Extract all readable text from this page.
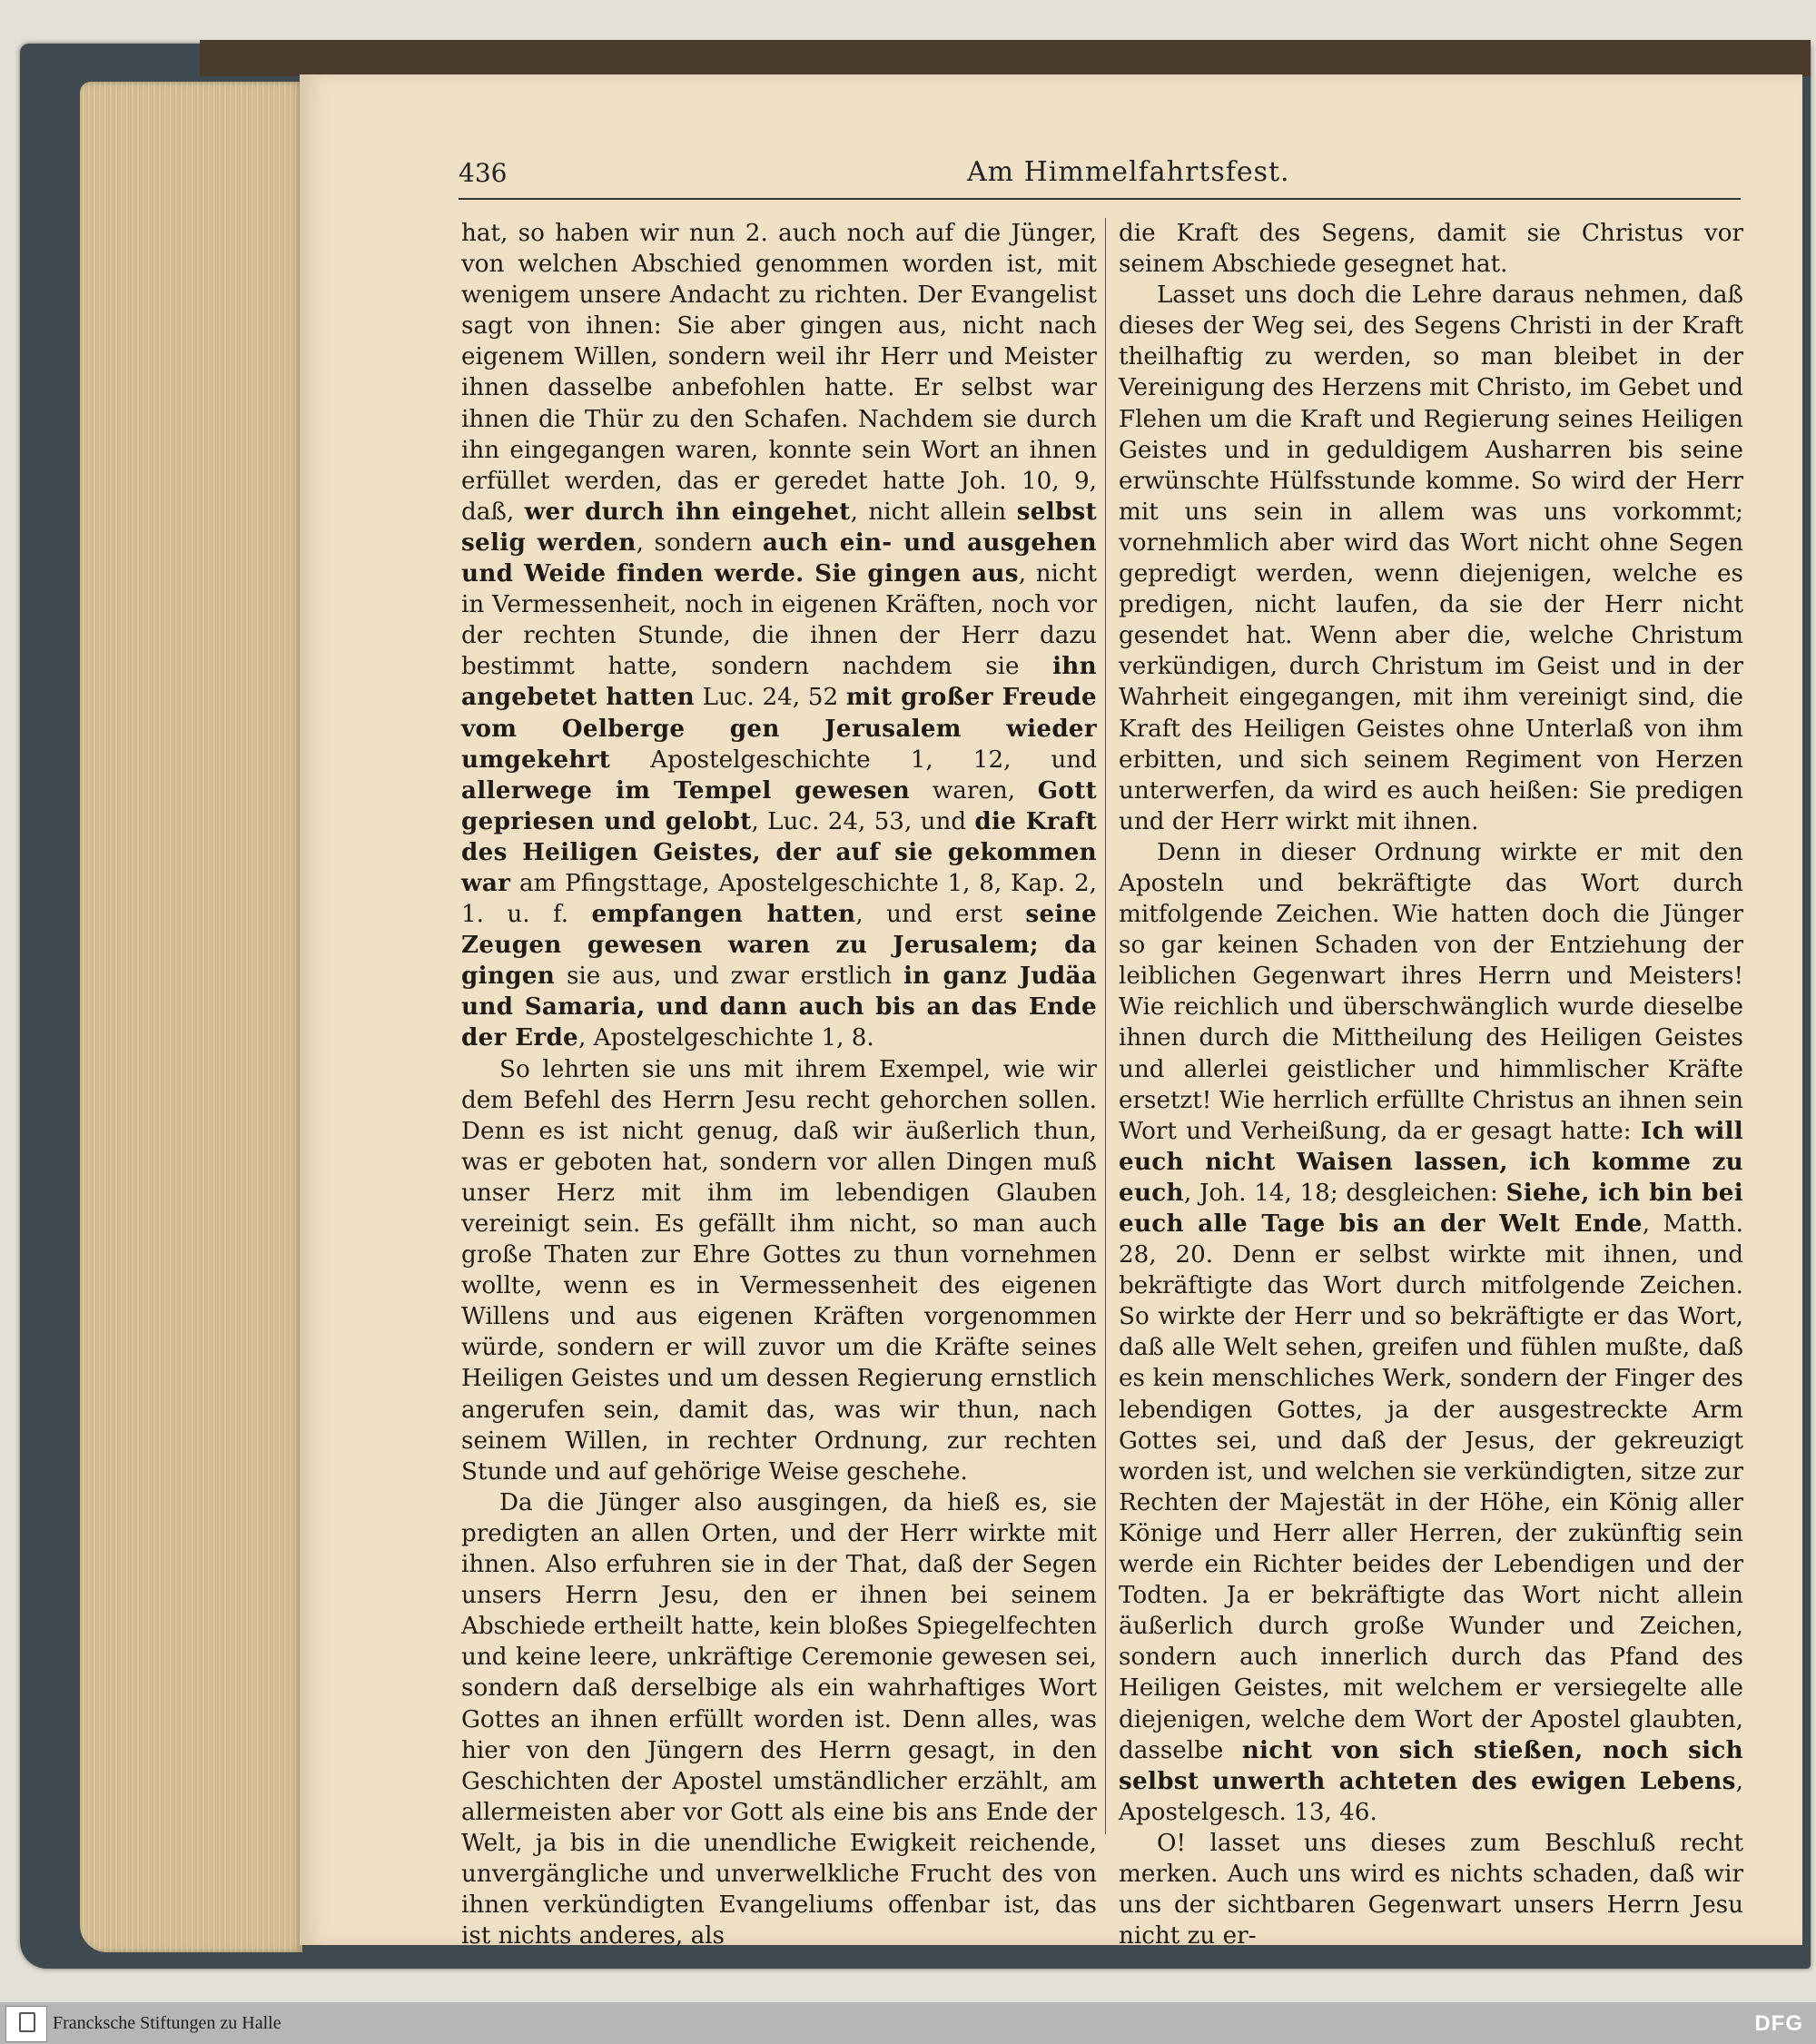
436	Am Himmelfahrtsfest.

hat, so haben wir nun 2. auch noch auf die Jünger, von welchen Abschied genommen worden ist, mit wenigem unsere Andacht zu richten. Der Evangelist sagt von ihnen: Sie aber gingen aus, nicht nach eigenem Willen, sondern weil ihr Herr und Meister ihnen dasselbe anbefohlen hatte. Er selbst war ihnen die Thür zu den Schafen. Nachdem sie durch ihn eingegangen waren, konnte sein Wort an ihnen erfüllet werden, das er geredet hatte Joh. 10, 9, daß, wer durch ihn eingehet, nicht allein selbst selig werden, sondern auch ein- und ausgehen und Weide finden werde. Sie gingen aus, nicht in Vermessenheit, noch in eigenen Kräften, noch vor der rechten Stunde, die ihnen der Herr dazu bestimmt hatte, sondern nachdem sie ihn angebetet hatten Luc. 24, 52 mit großer Freude vom Oelberge gen Jerusalem wieder umgekehrt Apostelgeschichte 1, 12, und allerwege im Tempel gewesen waren, Gott gepriesen und gelobt, Luc. 24, 53, und die Kraft des Heiligen Geistes, der auf sie gekommen war am Pfingsttage, Apostelgeschichte 1, 8, Kap. 2, 1. u. f. empfangen hatten, und erst seine Zeugen gewesen waren zu Jerusalem; da gingen sie aus, und zwar erstlich in ganz Judäa und Samaria, und dann auch bis an das Ende der Erde, Apostelgeschichte 1, 8.

So lehrten sie uns mit ihrem Exempel, wie wir dem Befehl des Herrn Jesu recht gehorchen sollen. Denn es ist nicht genug, daß wir äußerlich thun, was er geboten hat, sondern vor allen Dingen muß unser Herz mit ihm im lebendigen Glauben vereinigt sein. Es gefällt ihm nicht, so man auch große Thaten zur Ehre Gottes zu thun vornehmen wollte, wenn es in Vermessenheit des eigenen Willens und aus eigenen Kräften vorgenommen würde, sondern er will zuvor um die Kräfte seines Heiligen Geistes und um dessen Regierung ernstlich angerufen sein, damit das, was wir thun, nach seinem Willen, in rechter Ordnung, zur rechten Stunde und auf gehörige Weise geschehe.

Da die Jünger also ausgingen, da hieß es, sie predigten an allen Orten, und der Herr wirkte mit ihnen. Also erfuhren sie in der That, daß der Segen unsers Herrn Jesu, den er ihnen bei seinem Abschiede ertheilt hatte, kein bloßes Spiegelfechten und keine leere, unkräftige Ceremonie gewesen sei, sondern daß derselbige als ein wahrhaftiges Wort Gottes an ihnen erfüllt worden ist. Denn alles, was hier von den Jüngern des Herrn gesagt, in den Geschichten der Apostel umständlicher erzählt, am allermeisten aber vor Gott als eine bis ans Ende der Welt, ja bis in die unendliche Ewigkeit reichende, unvergängliche und unverwelkliche Frucht des von ihnen verkündigten Evangeliums offenbar ist, das ist nichts anderes, als

die Kraft des Segens, damit sie Christus vor seinem Abschiede gesegnet hat.

Lasset uns doch die Lehre daraus nehmen, daß dieses der Weg sei, des Segens Christi in der Kraft theilhaftig zu werden, so man bleibet in der Vereinigung des Herzens mit Christo, im Gebet und Flehen um die Kraft und Regierung seines Heiligen Geistes und in geduldigem Ausharren bis seine erwünschte Hülfsstunde komme. So wird der Herr mit uns sein in allem was uns vorkommt; vornehmlich aber wird das Wort nicht ohne Segen gepredigt werden, wenn diejenigen, welche es predigen, nicht laufen, da sie der Herr nicht gesendet hat. Wenn aber die, welche Christum verkündigen, durch Christum im Geist und in der Wahrheit eingegangen, mit ihm vereinigt sind, die Kraft des Heiligen Geistes ohne Unterlaß von ihm erbitten, und sich seinem Regiment von Herzen unterwerfen, da wird es auch heißen: Sie predigen und der Herr wirkt mit ihnen.

Denn in dieser Ordnung wirkte er mit den Aposteln und bekräftigte das Wort durch mitfolgende Zeichen. Wie hatten doch die Jünger so gar keinen Schaden von der Entziehung der leiblichen Gegenwart ihres Herrn und Meisters! Wie reichlich und überschwänglich wurde dieselbe ihnen durch die Mittheilung des Heiligen Geistes und allerlei geistlicher und himmlischer Kräfte ersetzt! Wie herrlich erfüllte Christus an ihnen sein Wort und Verheißung, da er gesagt hatte: Ich will euch nicht Waisen lassen, ich komme zu euch, Joh. 14, 18; desgleichen: Siehe, ich bin bei euch alle Tage bis an der Welt Ende, Matth. 28, 20. Denn er selbst wirkte mit ihnen, und bekräftigte das Wort durch mitfolgende Zeichen. So wirkte der Herr und so bekräftigte er das Wort, daß alle Welt sehen, greifen und fühlen mußte, daß es kein menschliches Werk, sondern der Finger des lebendigen Gottes, ja der ausgestreckte Arm Gottes sei, und daß der Jesus, der gekreuzigt worden ist, und welchen sie verkündigten, sitze zur Rechten der Majestät in der Höhe, ein König aller Könige und Herr aller Herren, der zukünftig sein werde ein Richter beides der Lebendigen und der Todten. Ja er bekräftigte das Wort nicht allein äußerlich durch große Wunder und Zeichen, sondern auch innerlich durch das Pfand des Heiligen Geistes, mit welchem er versiegelte alle diejenigen, welche dem Wort der Apostel glaubten, dasselbe nicht von sich stießen, noch sich selbst unwerth achteten des ewigen Lebens, Apostelgesch. 13, 46.

O! lasset uns dieses zum Beschluß recht merken. Auch uns wird es nichts schaden, daß wir uns der sichtbaren Gegenwart unsers Herrn Jesu nicht zu er-

Francksche Stiftungen zu Halle	DFG
